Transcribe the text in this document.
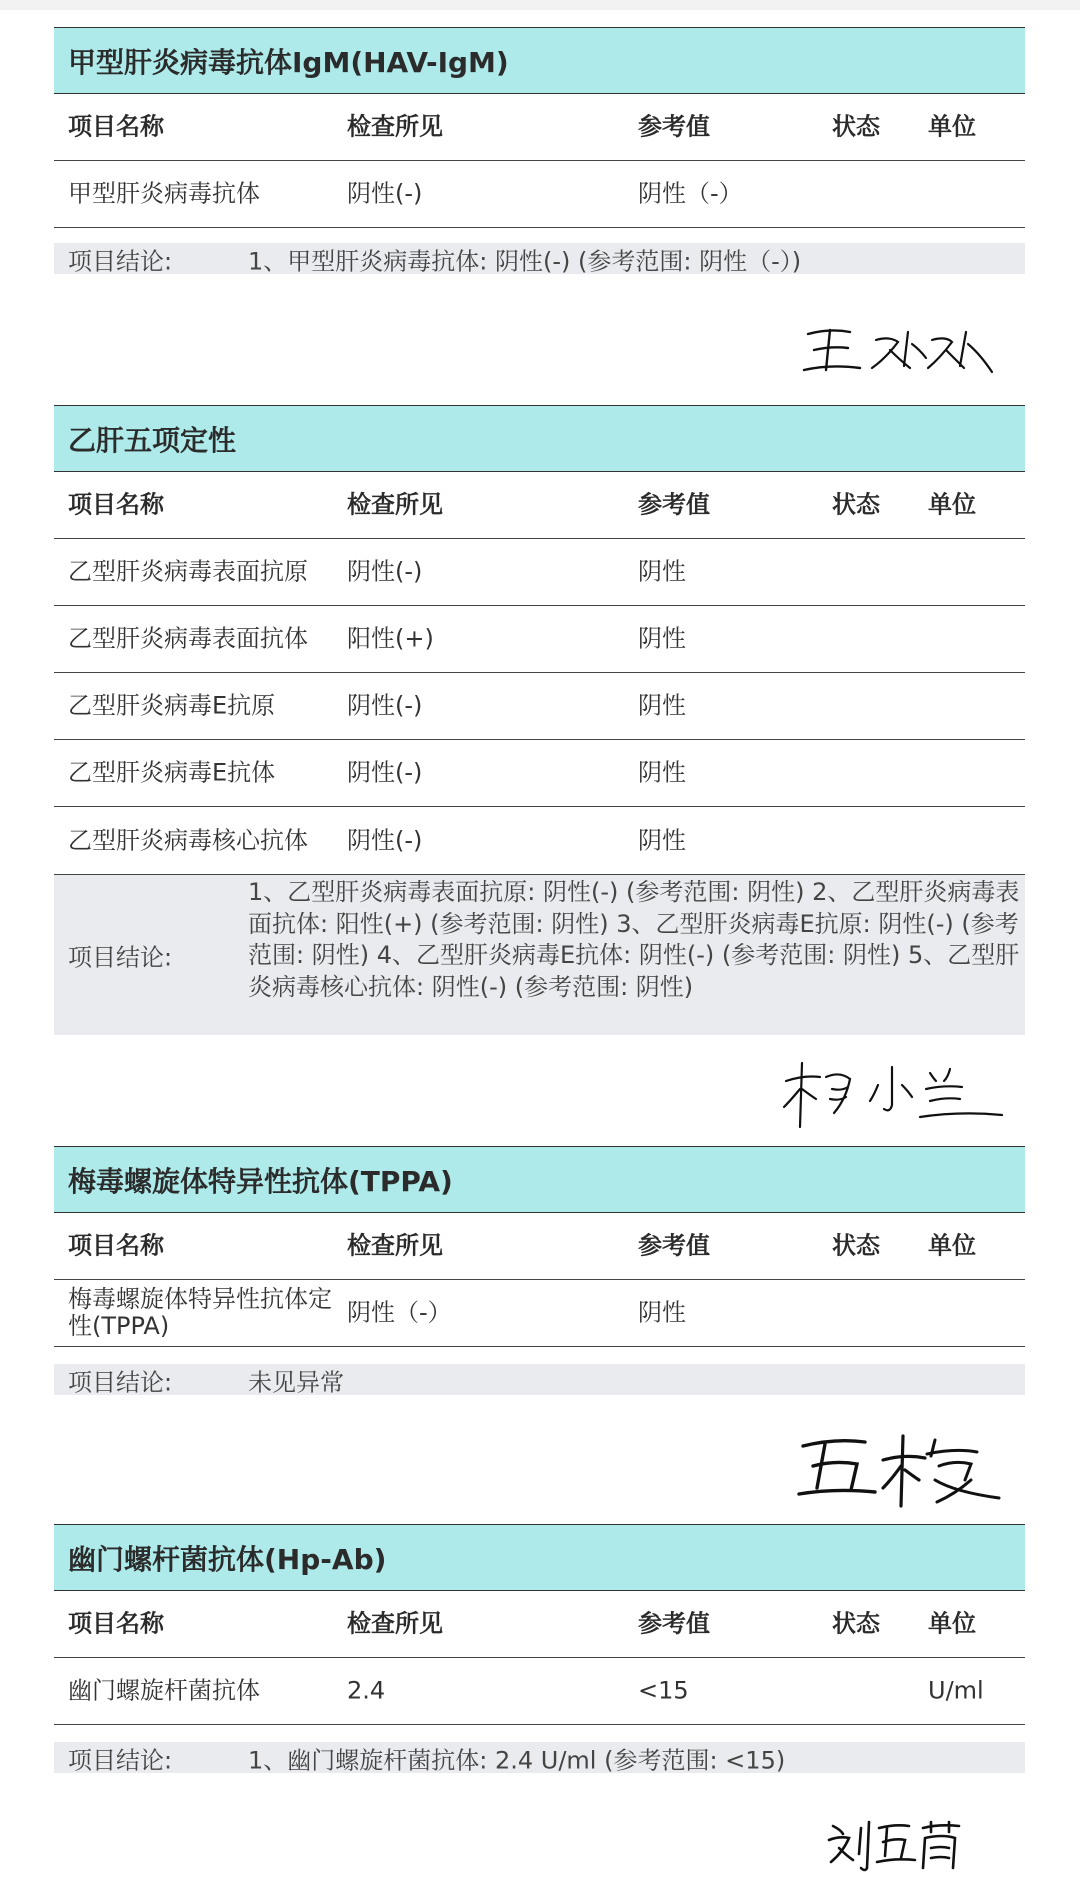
甲型肝炎病毒抗体IgM(HAV-IgM)
项目名称	检查所见	参考值	状态 单位
甲型肝炎病毒抗体	阴性(-)	阴性（-）
项目结论:	1、甲型肝炎病毒抗体: 阴性(-) (参考范围: 阴性（-）)
乙肝五项定性
项目名称	检查所见	参考值	状态 单位
乙型肝炎病毒表面抗原	阴性(-)	阴性
乙型肝炎病毒表面抗体	阳性(+)	阴性
乙型肝炎病毒E抗原	阴性(-)	阴性
乙型肝炎病毒E抗体	阴性(-)	阴性
乙型肝炎病毒核心抗体	阴性(-)	阴性
项目结论:
1、乙型肝炎病毒表面抗原: 阴性(-) (参考范围: 阴性) 2、乙型肝炎病毒表面抗体: 阳性(+) (参考范围: 阴性) 3、乙型肝炎病毒E抗原: 阴性(-) (参考范围: 阴性) 4、乙型肝炎病毒E抗体: 阴性(-) (参考范围: 阴性) 5、乙型肝炎病毒核心抗体: 阴性(-) (参考范围: 阴性)
梅毒螺旋体特异性抗体(TPPA)
项目名称	检查所见	参考值	状态 单位
梅毒螺旋体特异性抗体定性(TPPA)	阴性（-）	阴性
项目结论:	未见异常
幽门螺杆菌抗体(Hp-Ab)
项目名称	检查所见	参考值	状态 单位
幽门螺旋杆菌抗体	2.4	<15	U/ml
项目结论:	1、幽门螺旋杆菌抗体: 2.4 U/ml (参考范围: <15)
